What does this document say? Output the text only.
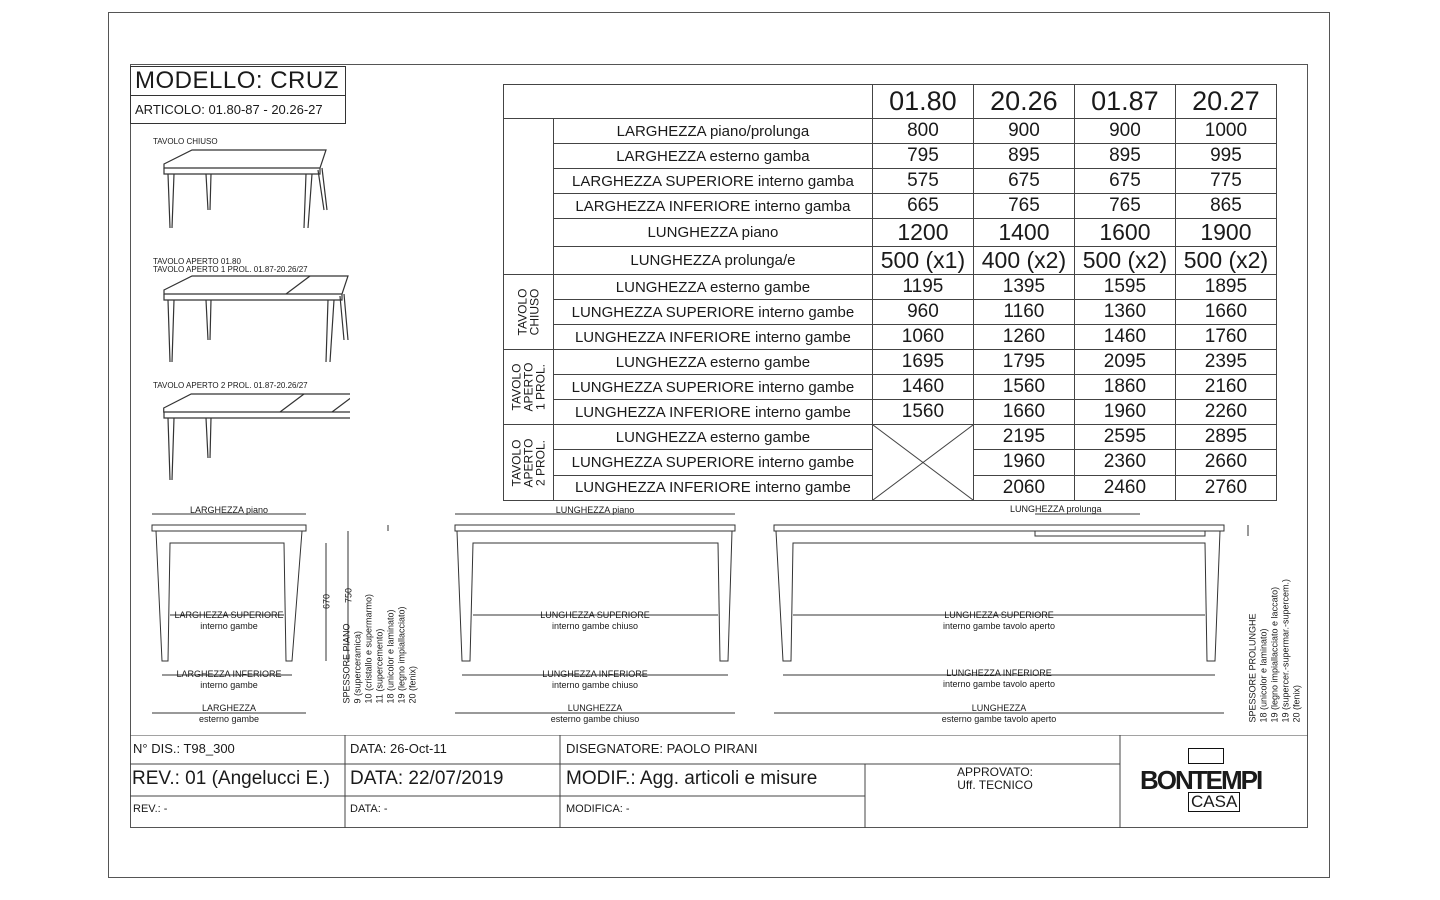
MODELLO: CRUZ
ARTICOLO: 01.80-87 - 20.26-27
TAVOLO CHIUSO
TAVOLO APERTO 01.80
TAVOLO APERTO 1 PROL. 01.87-20.26/27
TAVOLO APERTO 2 PROL. 01.87-20.26/27
		01.80	20.26	01.87	20.27
	LARGHEZZA piano/prolunga	800	900	900	1000
	LARGHEZZA esterno gamba	795	895	895	995
	LARGHEZZA SUPERIORE interno gamba	575	675	675	775
	LARGHEZZA INFERIORE interno gamba	665	765	765	865
	LUNGHEZZA piano	1200	1400	1600	1900
	LUNGHEZZA prolunga/e	500 (x1)	400 (x2)	500 (x2)	500 (x2)
TAVOLO
CHIUSO	LUNGHEZZA esterno gambe	1195	1395	1595	1895
	LUNGHEZZA SUPERIORE interno gambe	960	1160	1360	1660
	LUNGHEZZA INFERIORE interno gambe	1060	1260	1460	1760
TAVOLO
APERTO
1 PROL.	LUNGHEZZA esterno gambe	1695	1795	2095	2395
	LUNGHEZZA SUPERIORE interno gambe	1460	1560	1860	2160
	LUNGHEZZA INFERIORE interno gambe	1560	1660	1960	2260
TAVOLO
APERTO
2 PROL.	LUNGHEZZA esterno gambe		2195	2595	2895
	LUNGHEZZA SUPERIORE interno gambe		1960	2360	2660
	LUNGHEZZA INFERIORE interno gambe		2060	2460	2760
LARGHEZZA piano
LARGHEZZA SUPERIORE
interno gambe
LARGHEZZA INFERIORE
interno gambe
LARGHEZZA
esterno gambe
670 750
SPESSORE PIANO 9 (superceramica) 10 (cristallo e supermarmo) 11 (supercemento) 18 (unicolor e laminato) 19 (legno impiallacciato) 20 (fenix)
LUNGHEZZA piano
LUNGHEZZA SUPERIORE
interno gambe chiuso
LUNGHEZZA INFERIORE
interno gambe chiuso
LUNGHEZZA
esterno gambe chiuso
LUNGHEZZA prolunga
LUNGHEZZA SUPERIORE
interno gambe tavolo aperto
LUNGHEZZA INFERIORE
interno gambe tavolo aperto
LUNGHEZZA
esterno gambe tavolo aperto	SPESSORE PROLUNGHE 18 (unicolor e laminato) 19 (legno impiallacciato e laccato) 19 (supercer.-supermar.-supercem.) 20 (fenix)
N° DIS.: T98_300	DATA: 26-Oct-11	DISEGNATORE: PAOLO PIRANI
REV.: 01 (Angelucci E.) DATA: 22/07/2019	MODIF.: Agg. articoli e misure	APPROVATO:
Uff. TECNICO
REV.: -	DATA: -	MODIFICA: -
BONTEMPI
CASA
